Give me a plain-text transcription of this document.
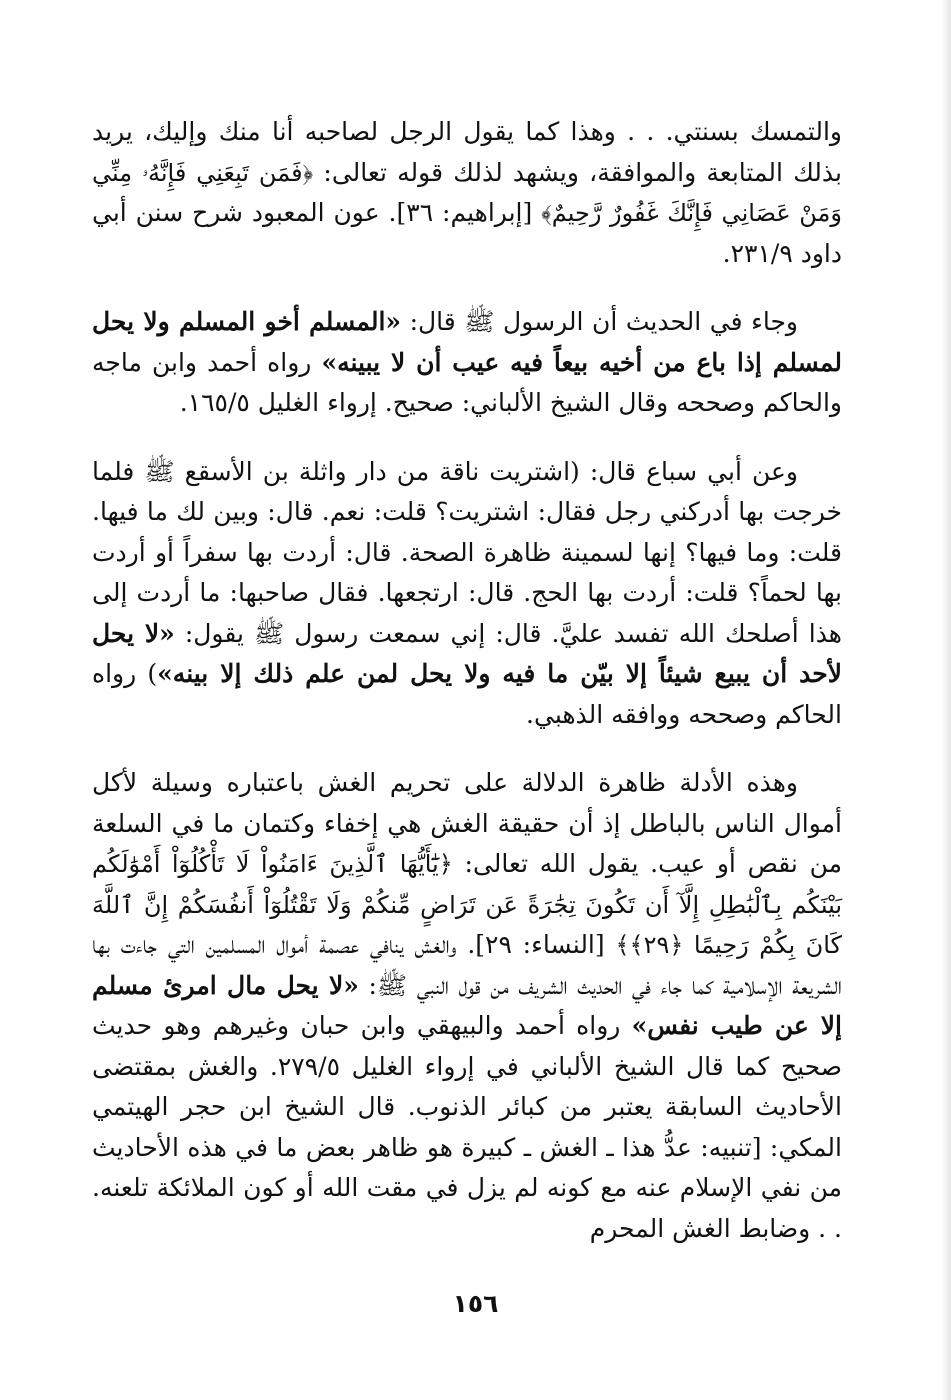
والتمسك بسنتي. . . وهذا كما يقول الرجل لصاحبه أنا منك وإليك، يريد بذلك المتابعة والموافقة، ويشهد لذلك قوله تعالى: ﴿فَمَن تَبِعَنِي فَإِنَّهُۥ مِنِّي وَمَنْ عَصَانِي فَإِنَّكَ غَفُورٌ رَّحِيمٌ﴾ [إبراهيم: ٣٦]. عون المعبود شرح سنن أبي داود ٢٣١/٩.

وجاء في الحديث أن الرسول ﷺ قال: «المسلم أخو المسلم ولا يحل لمسلم إذا باع من أخيه بيعاً فيه عيب أن لا يبينه» رواه أحمد وابن ماجه والحاكم وصححه وقال الشيخ الألباني: صحيح. إرواء الغليل ١٦٥/٥.

وعن أبي سباع قال: (اشتريت ناقة من دار واثلة بن الأسقع ﷺ فلما خرجت بها أدركني رجل فقال: اشتريت؟ قلت: نعم. قال: وبين لك ما فيها. قلت: وما فيها؟ إنها لسمينة ظاهرة الصحة. قال: أردت بها سفراً أو أردت بها لحماً؟ قلت: أردت بها الحج. قال: ارتجعها. فقال صاحبها: ما أردت إلى هذا أصلحك الله تفسد عليَّ. قال: إني سمعت رسول ﷺ يقول: «لا يحل لأحد أن يبيع شيئاً إلا بيّن ما فيه ولا يحل لمن علم ذلك إلا بينه») رواه الحاكم وصححه ووافقه الذهبي.

وهذه الأدلة ظاهرة الدلالة على تحريم الغش باعتباره وسيلة لأكل أموال الناس بالباطل إذ أن حقيقة الغش هي إخفاء وكتمان ما في السلعة من نقص أو عيب. يقول الله تعالى: ﴿يَٰٓأَيُّهَا ٱلَّذِينَ ءَامَنُواْ لَا تَأْكُلُوٓاْ أَمْوَٰلَكُم بَيْنَكُم بِٱلْبَٰطِلِ إِلَّآ أَن تَكُونَ تِجَٰرَةً عَن تَرَاضٍ مِّنكُمْ وَلَا تَقْتُلُوٓاْ أَنفُسَكُمْ إِنَّ ٱللَّهَ كَانَ بِكُمْ رَحِيمًا ﴿٢٩﴾﴾ [النساء: ٢٩]. والغش ينافي عصمة أموال المسلمين التي جاءت بها الشريعة الإسلامية كما جاء في الحديث الشريف من قول النبي ﷺ: «لا يحل مال امرئ مسلم إلا عن طيب نفس» رواه أحمد والبيهقي وابن حبان وغيرهم وهو حديث صحيح كما قال الشيخ الألباني في إرواء الغليل ٢٧٩/٥. والغش بمقتضى الأحاديث السابقة يعتبر من كبائر الذنوب. قال الشيخ ابن حجر الهيتمي المكي: [تنبيه: عدُّ هذا ـ الغش ـ كبيرة هو ظاهر بعض ما في هذه الأحاديث من نفي الإسلام عنه مع كونه لم يزل في مقت الله أو كون الملائكة تلعنه. . . وضابط الغش المحرم

١٥٦
